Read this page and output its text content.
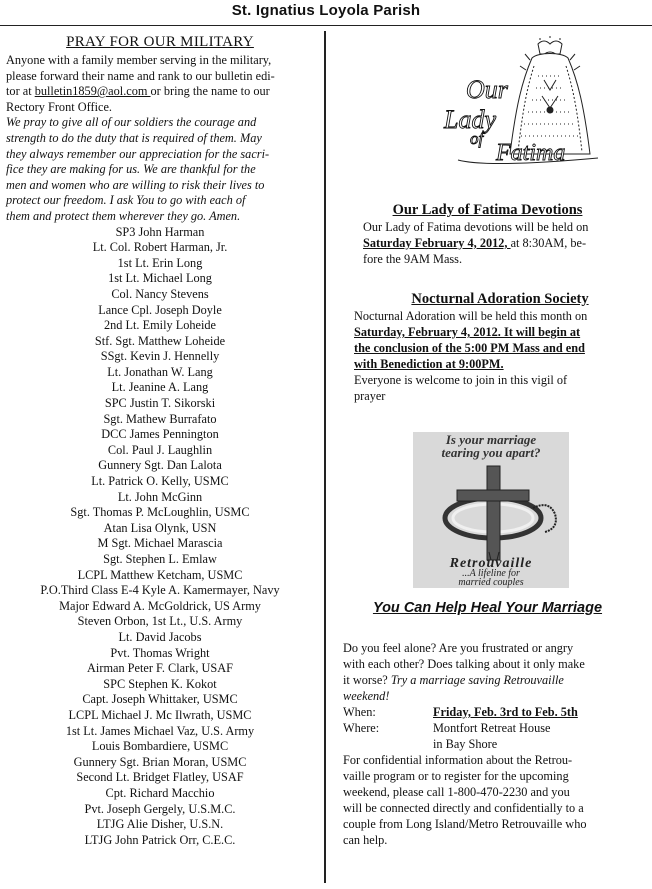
St. Ignatius Loyola Parish
PRAY FOR OUR MILITARY
Anyone with a family member serving in the military,
please forward their name and rank to our bulletin edi-
tor at bulletin1859@aol.com or bring the name to our
Rectory Front Office.
We pray to give all of our soldiers the courage and
strength to do the duty that is required of them. May
they always remember our appreciation for the sacri-
fice they are making for us. We are thankful for the
men and women who are willing to risk their lives to
protect our freedom. I ask You to go with each of
them and protect them wherever they go. Amen.
SP3 John Harman
Lt. Col. Robert Harman, Jr.
1st Lt. Erin Long
1st Lt. Michael Long
Col. Nancy Stevens
Lance Cpl. Joseph Doyle
2nd Lt. Emily Loheide
Stf. Sgt. Matthew Loheide
SSgt. Kevin J. Hennelly
Lt. Jonathan W. Lang
Lt. Jeanine A. Lang
SPC Justin T. Sikorski
Sgt. Mathew Burrafato
DCC James Pennington
Col. Paul J. Laughlin
Gunnery Sgt. Dan Lalota
Lt. Patrick O. Kelly, USMC
Lt. John McGinn
Sgt. Thomas P. McLoughlin, USMC
Atan Lisa Olynk, USN
M Sgt. Michael Marascia
Sgt. Stephen L. Emlaw
LCPL Matthew Ketcham, USMC
P.O.Third Class E-4 Kyle A. Kamermayer, Navy
Major Edward A. McGoldrick, US Army
Steven Orbon, 1st Lt., U.S. Army
Lt. David Jacobs
Pvt. Thomas Wright
Airman Peter F. Clark, USAF
SPC Stephen K. Kokot
Capt. Joseph Whittaker, USMC
LCPL Michael J. Mc Ilwrath, USMC
1st Lt. James Michael Vaz, U.S. Army
Louis Bombardiere, USMC
Gunnery Sgt. Brian Moran, USMC
Second Lt. Bridget Flatley, USAF
Cpt. Richard Macchio
Pvt. Joseph Gergely, U.S.M.C.
LTJG Alie Disher, U.S.N.
LTJG John Patrick Orr, C.E.C.
Our
Lady
of
Fatima
Our Lady of Fatima Devotions
Our Lady of Fatima devotions will be held on
Saturday February 4, 2012, at 8:30AM, be-
fore the 9AM Mass.
Nocturnal Adoration Society
Nocturnal Adoration will be held this month on
Saturday, February 4, 2012. It will begin at
the conclusion of the 5:00 PM Mass and end
with Benediction at 9:00PM.
Everyone is welcome to join in this vigil of
prayer
Is your marriage
tearing you apart?
Retrouvaille
...A lifeline for
married couples
You Can Help Heal Your Marriage
Do you feel alone? Are you frustrated or angry
with each other? Does talking about it only make
it worse? Try a marriage saving Retrouvaille
weekend!
When:	Friday, Feb. 3rd to Feb. 5th
Where:	Montfort Retreat House
in Bay Shore
For confidential information about the Retrou-
vaille program or to register for the upcoming
weekend, please call 1-800-470-2230 and you
will be connected directly and confidentially to a
couple from Long Island/Metro Retrouvaille who
can help.
